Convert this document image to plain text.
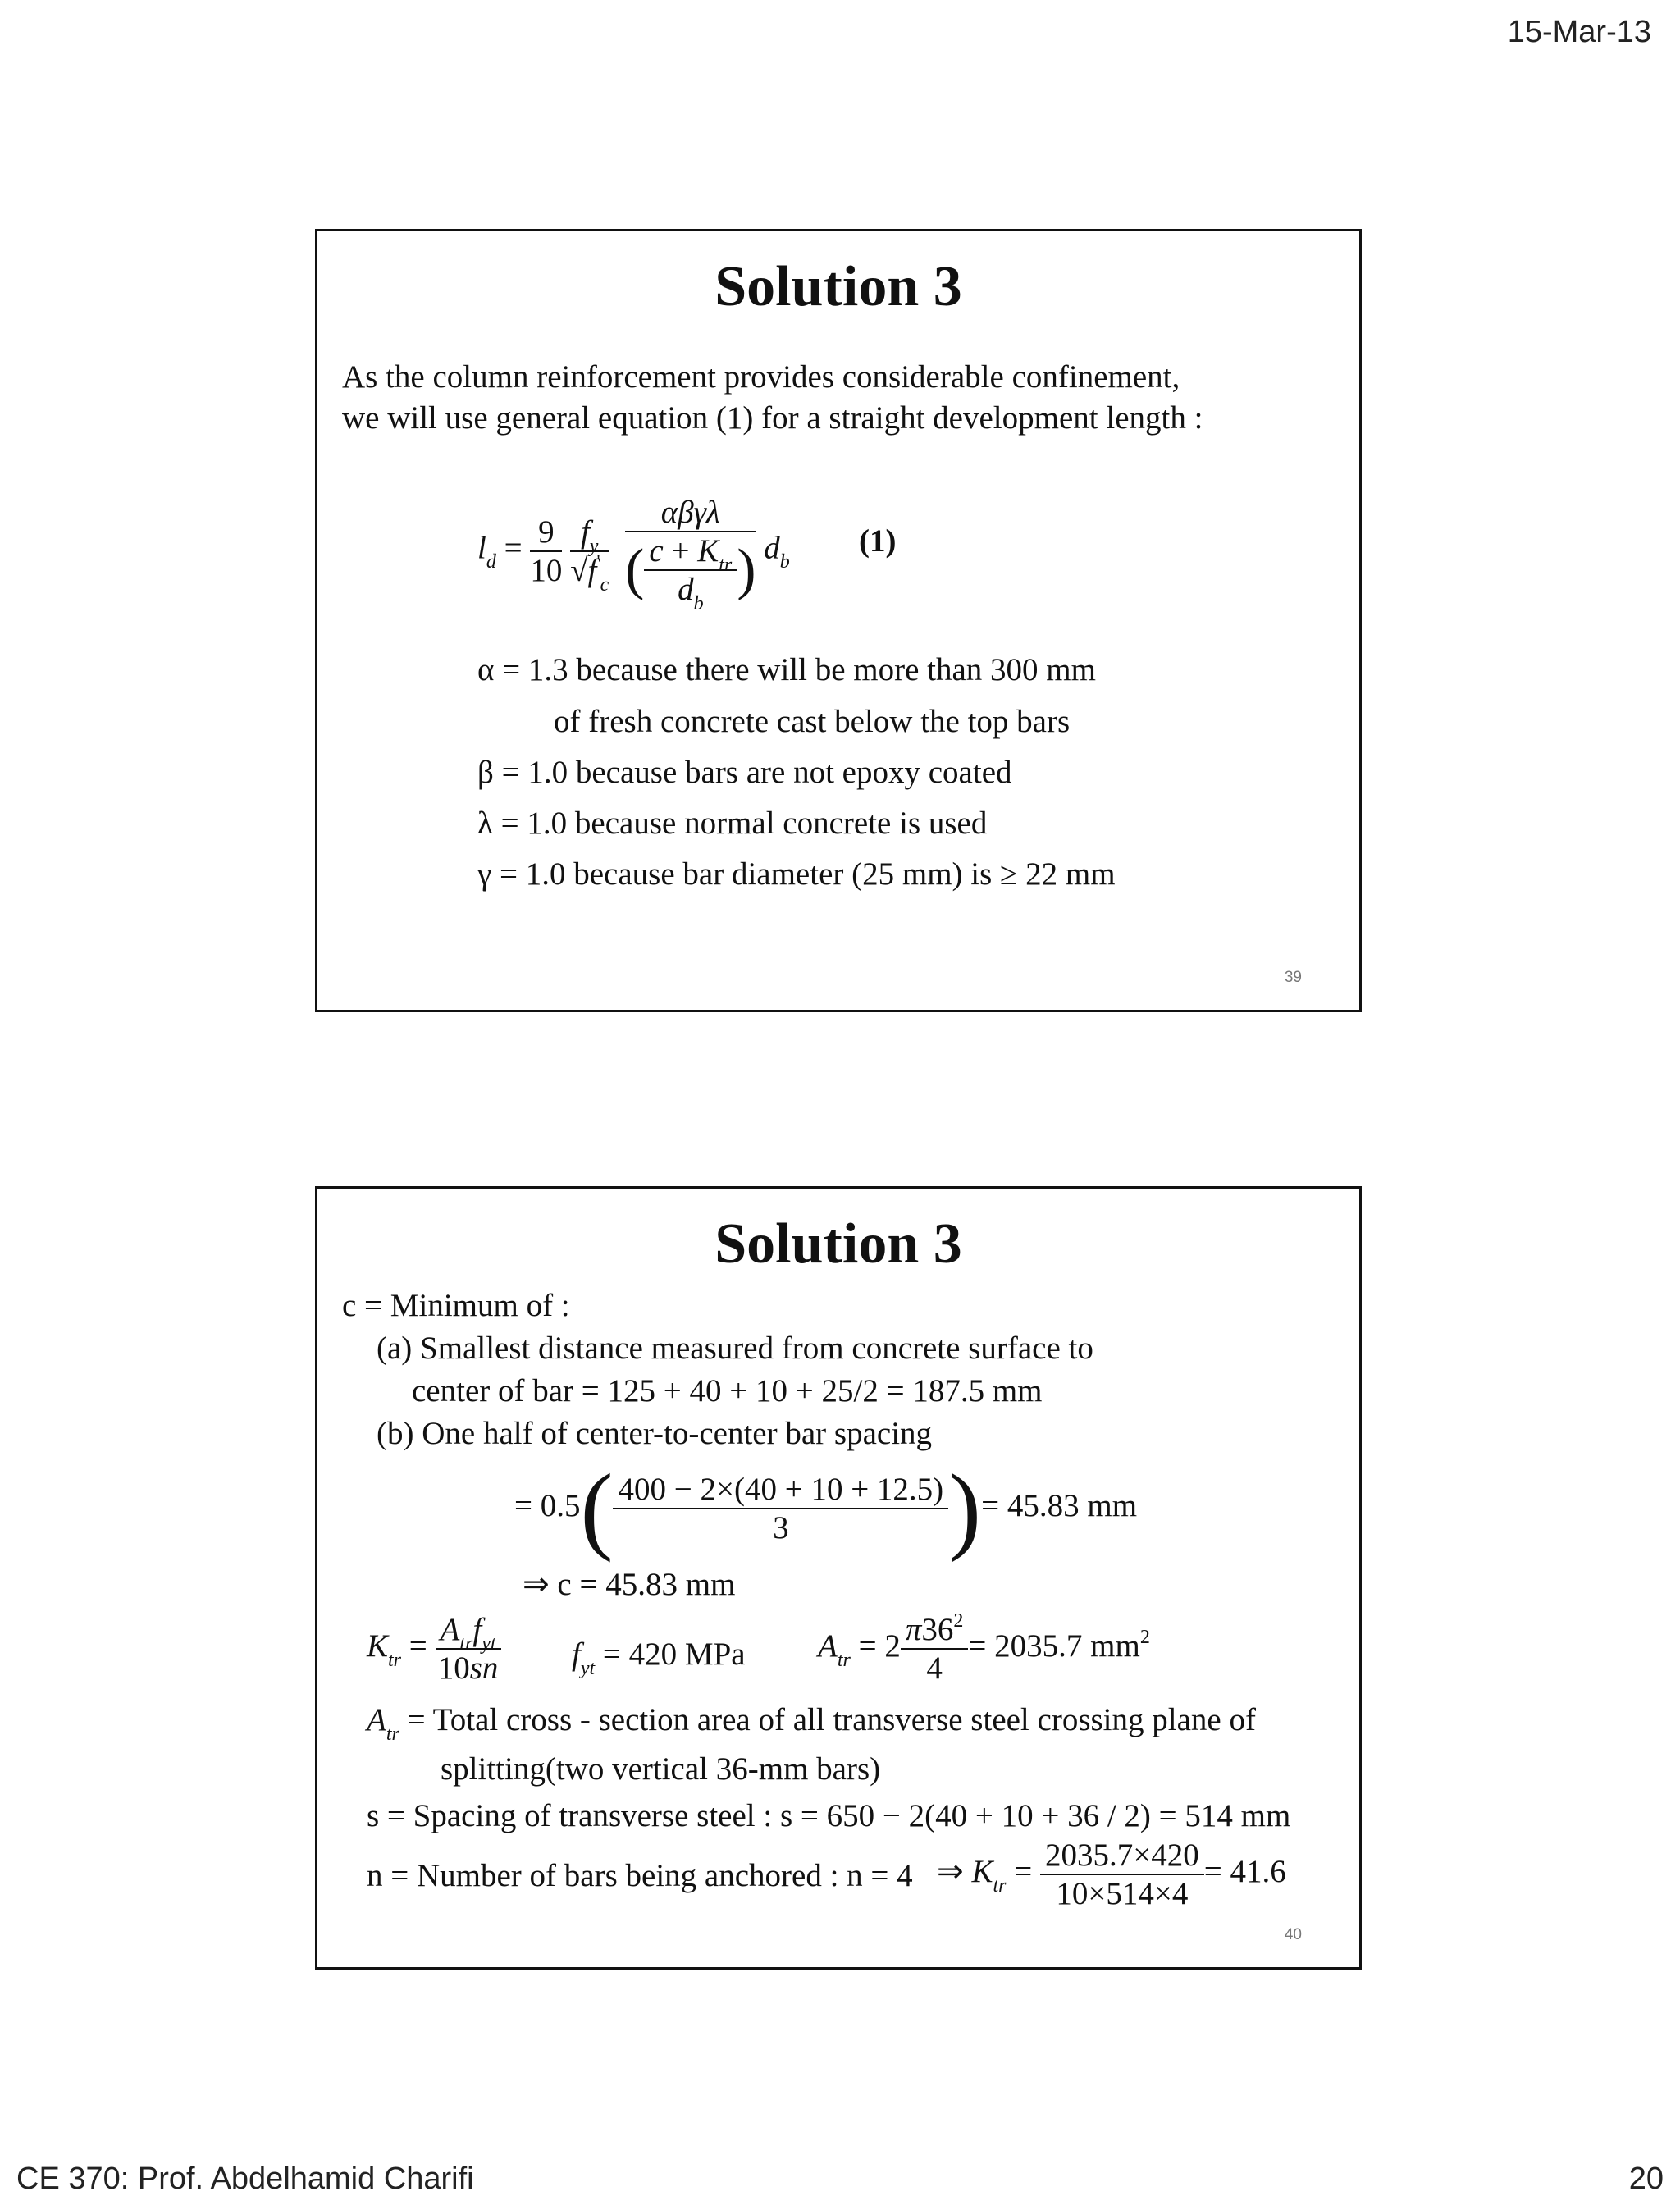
15-Mar-13
Solution 3
As the column reinforcement provides considerable confinement,
we will use general equation (1) for a straight development length :
$l_d = \frac{9}{10}$
$\frac{f_y}{√f'_c}$
$\frac{\text{αβγλ}}{( \frac{c + K_{tr}}{d_b} )} d_b$
(1)
α = 1.3 because there will be more than 300 mm
of fresh concrete cast below the top bars
β = 1.0 because bars are not epoxy coated
λ = 1.0 because normal concrete is used
γ = 1.0 because bar diameter (25 mm) is ≥ 22 mm
39
Solution 3
c = Minimum of :
(a) Smallest distance measured from concrete surface to
center of bar = 125 + 40 + 10 + 25/2 = 187.5 mm
(b) One half of center-to-center bar spacing
= $0.5( \frac{400 - 2\times(40 + 10 + 12.5)}{3}$ )= 45.83 mm
⇒ c = 45.83 mm
$K_{tr} = \frac{A_{tr}f_{yt}}{10sn} f_{yt} = 420$ MPa $A_{tr} = 2 \frac{\pi 36^2}{4} = 2035.7$ $mm^2$
$A_{tr}$ = Total cross - section area of all transverse steel crossing plane of
splitting(two vertical 36-mm bars)
s = Spacing of transverse steel : s = 650 − 2(40 + 10 + 36 / 2) = 514 mm
n = Number of bars being anchored : n = 4 ⇒ $K_{tr} = \frac{2035.7\times 420}{10\times 514\times 4} = 41.6$
40
CE 370: Prof. Abdelhamid Charifi	20
